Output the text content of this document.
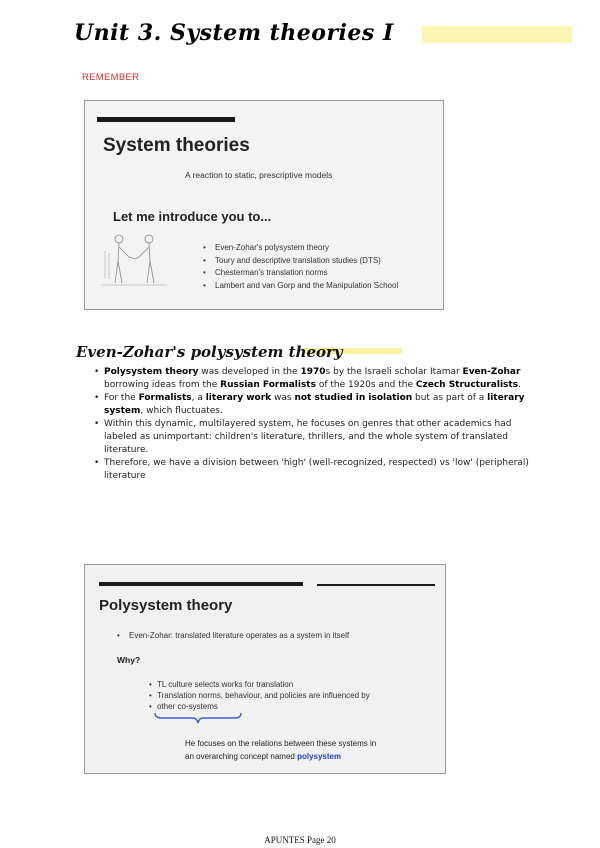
Unit 3. System theories I
REMEMBER
System theories
A reaction to static, prescriptive models
Let me introduce you to...
• Even-Zohar's polysystem theory
• Toury and descriptive translation studies (DTS)
• Chesterman's translation norms
• Lambert and van Gorp and the Manipulation School
Even-Zohar's polysystem theory
• Polysystem theory was developed in the 1970s by the Israeli scholar Itamar Even-Zohar borrowing ideas from the Russian Formalists of the 1920s and the Czech Structuralists.
• For the Formalists, a literary work was not studied in isolation but as part of a literary system, which fluctuates.
• Within this dynamic, multilayered system, he focuses on genres that other academics had labeled as unimportant: children's literature, thrillers, and the whole system of translated literature.
• Therefore, we have a division between 'high' (well-recognized, respected) vs 'low' (peripheral) literature
Polysystem theory
• Even-Zohar: translated literature operates as a system in itself
Why?
• TL culture selects works for translation
• Translation norms, behaviour, and policies are influenced by
• other co-systems
He focuses on the relations between these systems in
an overarching concept named polysystem
APUNTES Page 20
